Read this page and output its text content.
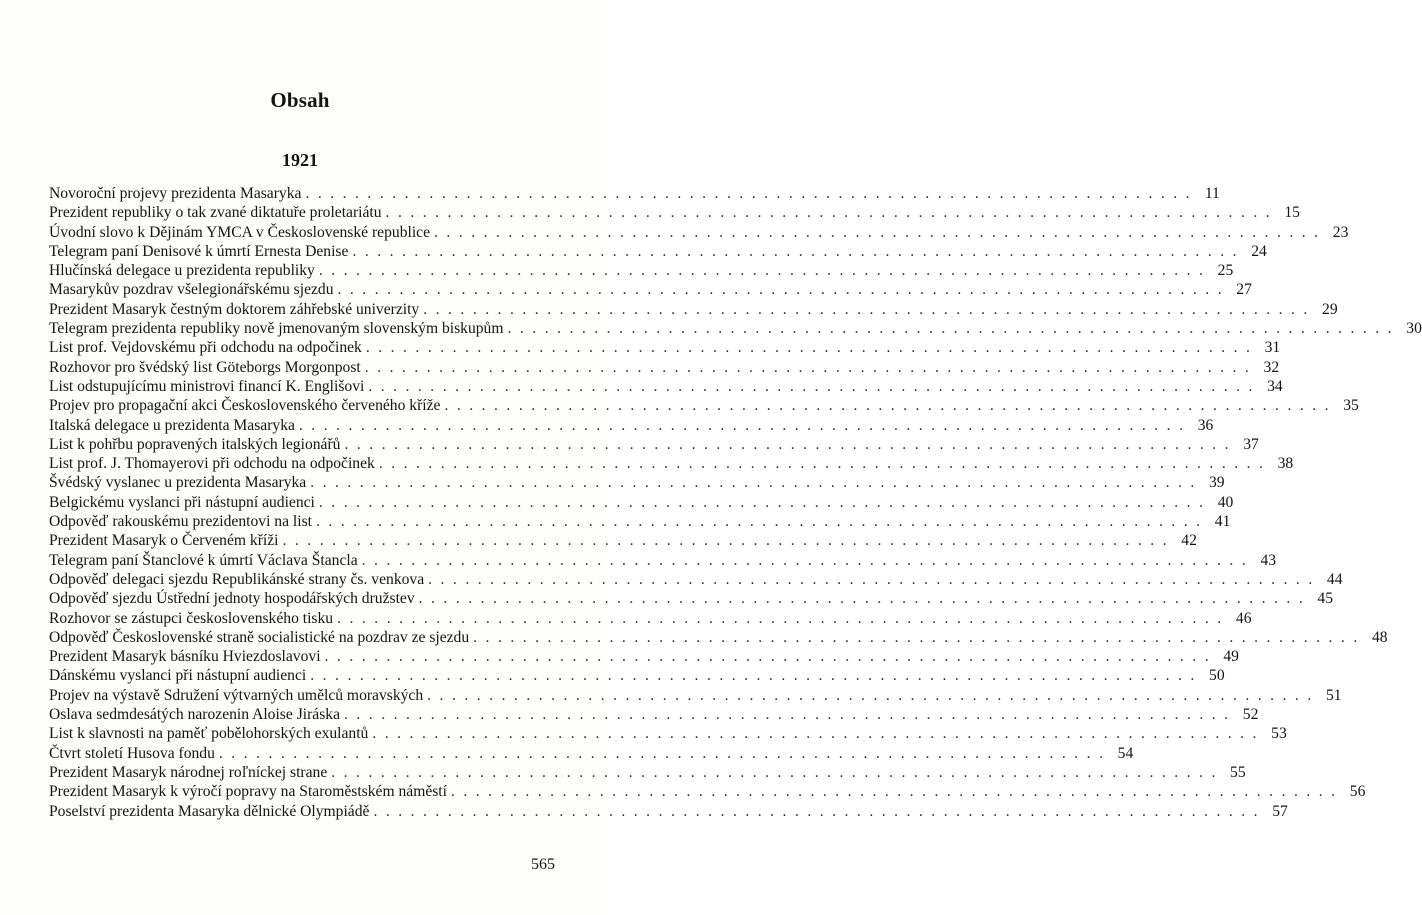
Obsah
1921
Novoroční projevy prezidenta Masaryka . . . . . . . . . . . . . . . . . . . . . . . . . . . . . . . . . . . . . . . . . . . . . . . . . . . . . . . . . . . . . . . . . . . . . . . . 11
Prezident republiky o tak zvané diktatuře proletariátu . . . . . . . . . . . . . . . . . . . . . . . . . . . . . . . . . . . . . . . . . . . . . . . . . . . . . . . . . . . . . . . . . . . . . . . . 15
Úvodní slovo k Dějinám YMCA v Československé republice . . . . . . . . . . . . . . . . . . . . . . . . . . . . . . . . . . . . . . . . . . . . . . . . . . . . . . . . . . . . . . . . . . . . . . . . 23
Telegram paní Denisové k úmrtí Ernesta Denise . . . . . . . . . . . . . . . . . . . . . . . . . . . . . . . . . . . . . . . . . . . . . . . . . . . . . . . . . . . . . . . . . . . . . . . . 24
Hlučínská delegace u prezidenta republiky . . . . . . . . . . . . . . . . . . . . . . . . . . . . . . . . . . . . . . . . . . . . . . . . . . . . . . . . . . . . . . . . . . . . . . . . 25
Masarykův pozdrav všelegionářskému sjezdu . . . . . . . . . . . . . . . . . . . . . . . . . . . . . . . . . . . . . . . . . . . . . . . . . . . . . . . . . . . . . . . . . . . . . . . . 27
Prezident Masaryk čestným doktorem záhřebské univerzity . . . . . . . . . . . . . . . . . . . . . . . . . . . . . . . . . . . . . . . . . . . . . . . . . . . . . . . . . . . . . . . . . . . . . . . . 29
Telegram prezidenta republiky nově jmenovaným slovenským biskupům . . . . . . . . . . . . . . . . . . . . . . . . . . . . . . . . . . . . . . . . . . . . . . . . . . . . . . . . . . . . . . . . . . . . . . . . 30
List prof. Vejdovskému při odchodu na odpočinek . . . . . . . . . . . . . . . . . . . . . . . . . . . . . . . . . . . . . . . . . . . . . . . . . . . . . . . . . . . . . . . . . . . . . . . . 31
Rozhovor pro švédský list Göteborgs Morgonpost . . . . . . . . . . . . . . . . . . . . . . . . . . . . . . . . . . . . . . . . . . . . . . . . . . . . . . . . . . . . . . . . . . . . . . . . 32
List odstupujícímu ministrovi financí K. Englišovi . . . . . . . . . . . . . . . . . . . . . . . . . . . . . . . . . . . . . . . . . . . . . . . . . . . . . . . . . . . . . . . . . . . . . . . . 34
Projev pro propagační akci Československého červeného kříže . . . . . . . . . . . . . . . . . . . . . . . . . . . . . . . . . . . . . . . . . . . . . . . . . . . . . . . . . . . . . . . . . . . . . . . . 35
Italská delegace u prezidenta Masaryka . . . . . . . . . . . . . . . . . . . . . . . . . . . . . . . . . . . . . . . . . . . . . . . . . . . . . . . . . . . . . . . . . . . . . . . . 36
List k pohřbu popravených italských legionářů . . . . . . . . . . . . . . . . . . . . . . . . . . . . . . . . . . . . . . . . . . . . . . . . . . . . . . . . . . . . . . . . . . . . . . . . 37
List prof. J. Thomayerovi při odchodu na odpočinek . . . . . . . . . . . . . . . . . . . . . . . . . . . . . . . . . . . . . . . . . . . . . . . . . . . . . . . . . . . . . . . . . . . . . . . . 38
Švédský vyslanec u prezidenta Masaryka . . . . . . . . . . . . . . . . . . . . . . . . . . . . . . . . . . . . . . . . . . . . . . . . . . . . . . . . . . . . . . . . . . . . . . . . 39
Belgickému vyslanci při nástupní audienci . . . . . . . . . . . . . . . . . . . . . . . . . . . . . . . . . . . . . . . . . . . . . . . . . . . . . . . . . . . . . . . . . . . . . . . . 40
Odpověď rakouskému prezidentovi na list . . . . . . . . . . . . . . . . . . . . . . . . . . . . . . . . . . . . . . . . . . . . . . . . . . . . . . . . . . . . . . . . . . . . . . . . 41
Prezident Masaryk o Červeném kříži . . . . . . . . . . . . . . . . . . . . . . . . . . . . . . . . . . . . . . . . . . . . . . . . . . . . . . . . . . . . . . . . . . . . . . . . 42
Telegram paní Štanclové k úmrtí Václava Štancla . . . . . . . . . . . . . . . . . . . . . . . . . . . . . . . . . . . . . . . . . . . . . . . . . . . . . . . . . . . . . . . . . . . . . . . . 43
Odpověď delegaci sjezdu Republikánské strany čs. venkova . . . . . . . . . . . . . . . . . . . . . . . . . . . . . . . . . . . . . . . . . . . . . . . . . . . . . . . . . . . . . . . . . . . . . . . . 44
Odpověď sjezdu Ústřední jednoty hospodářských družstev . . . . . . . . . . . . . . . . . . . . . . . . . . . . . . . . . . . . . . . . . . . . . . . . . . . . . . . . . . . . . . . . . . . . . . . . 45
Rozhovor se zástupci československého tisku . . . . . . . . . . . . . . . . . . . . . . . . . . . . . . . . . . . . . . . . . . . . . . . . . . . . . . . . . . . . . . . . . . . . . . . . 46
Odpověď Československé straně socialistické na pozdrav ze sjezdu . . . . . . . . . . . . . . . . . . . . . . . . . . . . . . . . . . . . . . . . . . . . . . . . . . . . . . . . . . . . . . . . . . . . . . . . 48
Prezident Masaryk básníku Hviezdoslavovi . . . . . . . . . . . . . . . . . . . . . . . . . . . . . . . . . . . . . . . . . . . . . . . . . . . . . . . . . . . . . . . . . . . . . . . . 49
Dánskému vyslanci při nástupní audienci . . . . . . . . . . . . . . . . . . . . . . . . . . . . . . . . . . . . . . . . . . . . . . . . . . . . . . . . . . . . . . . . . . . . . . . . 50
Projev na výstavě Sdružení výtvarných umělců moravských . . . . . . . . . . . . . . . . . . . . . . . . . . . . . . . . . . . . . . . . . . . . . . . . . . . . . . . . . . . . . . . . . . . . . . . . 51
Oslava sedmdesátých narozenin Aloise Jiráska . . . . . . . . . . . . . . . . . . . . . . . . . . . . . . . . . . . . . . . . . . . . . . . . . . . . . . . . . . . . . . . . . . . . . . . . 52
List k slavnosti na paměť pobělohorských exulantů . . . . . . . . . . . . . . . . . . . . . . . . . . . . . . . . . . . . . . . . . . . . . . . . . . . . . . . . . . . . . . . . . . . . . . . . 53
Čtvrt století Husova fondu . . . . . . . . . . . . . . . . . . . . . . . . . . . . . . . . . . . . . . . . . . . . . . . . . . . . . . . . . . . . . . . . . . . . . . . . 54
Prezident Masaryk národnej roľníckej strane . . . . . . . . . . . . . . . . . . . . . . . . . . . . . . . . . . . . . . . . . . . . . . . . . . . . . . . . . . . . . . . . . . . . . . . . 55
Prezident Masaryk k výročí popravy na Staroměstském náměstí . . . . . . . . . . . . . . . . . . . . . . . . . . . . . . . . . . . . . . . . . . . . . . . . . . . . . . . . . . . . . . . . . . . . . . . . 56
Poselství prezidenta Masaryka dělnické Olympiádě . . . . . . . . . . . . . . . . . . . . . . . . . . . . . . . . . . . . . . . . . . . . . . . . . . . . . . . . . . . . . . . . . . . . . . . . 57
565
